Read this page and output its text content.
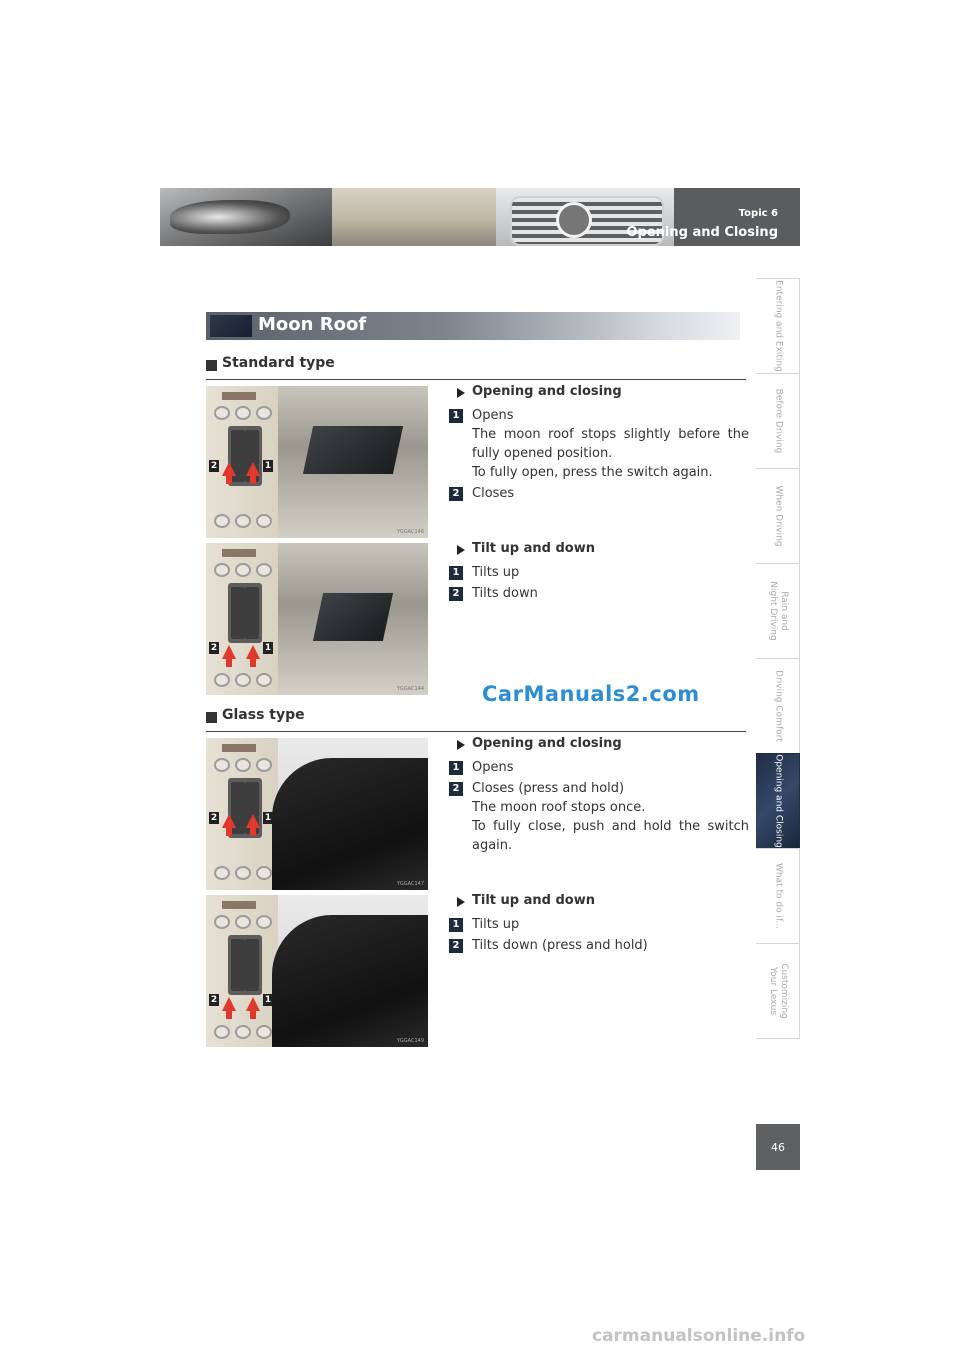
Topic 6
Opening and Closing
Entering and Exiting
Before Driving
When Driving
Rain and
Night Driving
Driving Comfort
Opening and Closing
What to do if...
Customizing
Your Lexus
46
Moon Roof
Standard type
2	1
YGGAC146
Opening and closing
1 Opens
The moon roof stops slightly before the fully opened position.
To fully open, press the switch again.
2 Closes
2	1
YGGAC144
Tilt up and down
1 Tilts up
2 Tilts down
CarManuals2.com
Glass type
2	1
YGGAC147
Opening and closing
1 Opens
2 Closes (press and hold)
The moon roof stops once.
To fully close, push and hold the switch again.
2	1
YGGAC149
Tilt up and down
1 Tilts up
2 Tilts down (press and hold)
carmanualsonline.info
